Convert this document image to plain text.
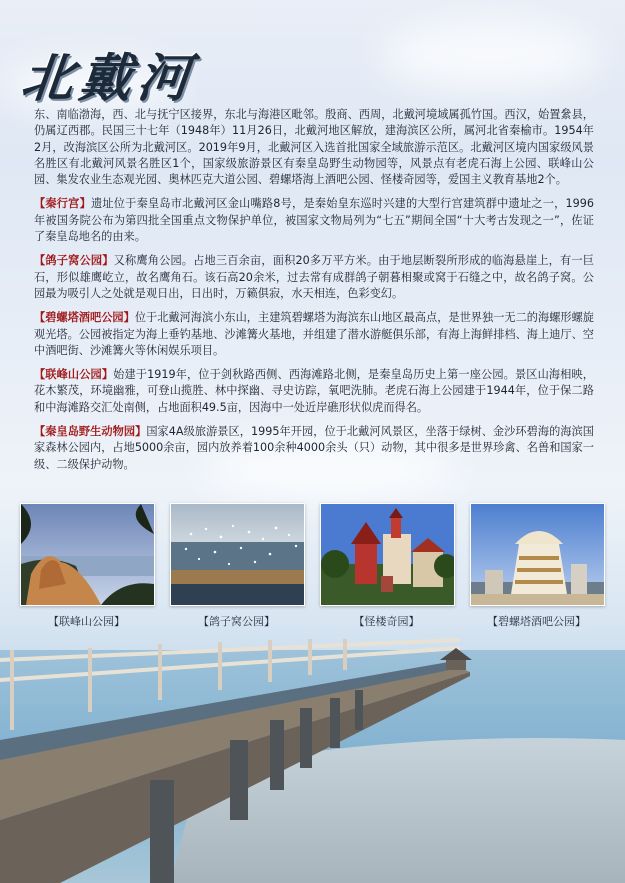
北戴河

东、南临渤海，西、北与抚宁区接界，东北与海港区毗邻。殷商、西周，北戴河境域属孤竹国。西汉，始置絫县，仍属辽西郡。民国三十七年（1948年）11月26日，北戴河地区解放，建海滨区公所，属河北省秦榆市。1954年2月，改海滨区公所为北戴河区。2019年9月，北戴河区入选首批国家全域旅游示范区。北戴河区境内国家级风景名胜区有北戴河风景名胜区1个，国家级旅游景区有秦皇岛野生动物园等，风景点有老虎石海上公园、联峰山公园、集发农业生态观光园、奥林匹克大道公园、碧螺塔海上酒吧公园、怪楼奇园等，爱国主义教育基地2个。

【秦行宫】遗址位于秦皇岛市北戴河区金山嘴路8号，是秦始皇东巡时兴建的大型行宫建筑群中遗址之一，1996年被国务院公布为第四批全国重点文物保护单位，被国家文物局列为“七五”期间全国“十大考古发现之一”，佐证了秦皇岛地名的由来。

【鸽子窝公园】又称鹰角公园。占地三百余亩，面积20多万平方米。由于地层断裂所形成的临海悬崖上，有一巨石，形似雄鹰屹立，故名鹰角石。该石高20余米，过去常有成群鸽子朝暮相聚或窝于石缝之中，故名鸽子窝。公园最为吸引人之处就是观日出，日出时，万籁俱寂，水天相连，色彩变幻。

【碧螺塔酒吧公园】位于北戴河海滨小东山，主建筑碧螺塔为海滨东山地区最高点，是世界独一无二的海螺形螺旋观光塔。公园被指定为海上垂钓基地、沙滩篝火基地，并组建了潜水游艇俱乐部，有海上海鲜排档、海上迪厅、空中酒吧街、沙滩篝火等休闲娱乐项目。

【联峰山公园】始建于1919年，位于剑秋路西侧、西海滩路北侧，是秦皇岛历史上第一座公园。景区山海相映，花木繁茂，环境幽雅，可登山揽胜、林中探幽、寻史访踪，氧吧洗肺。老虎石海上公园建于1944年，位于保二路和中海滩路交汇处南侧，占地面积49.5亩，因海中一处近岸礁形状似虎而得名。

【秦皇岛野生动物园】国家4A级旅游景区，1995年开园，位于北戴河风景区，坐落于绿树、金沙环碧海的海滨国家森林公园内，占地5000余亩，园内放养着100余种4000余头（只）动物，其中很多是世界珍禽、名兽和国家一级、二级保护动物。

【联峰山公园】	【鸽子窝公园】	【怪楼奇园】	【碧螺塔酒吧公园】
